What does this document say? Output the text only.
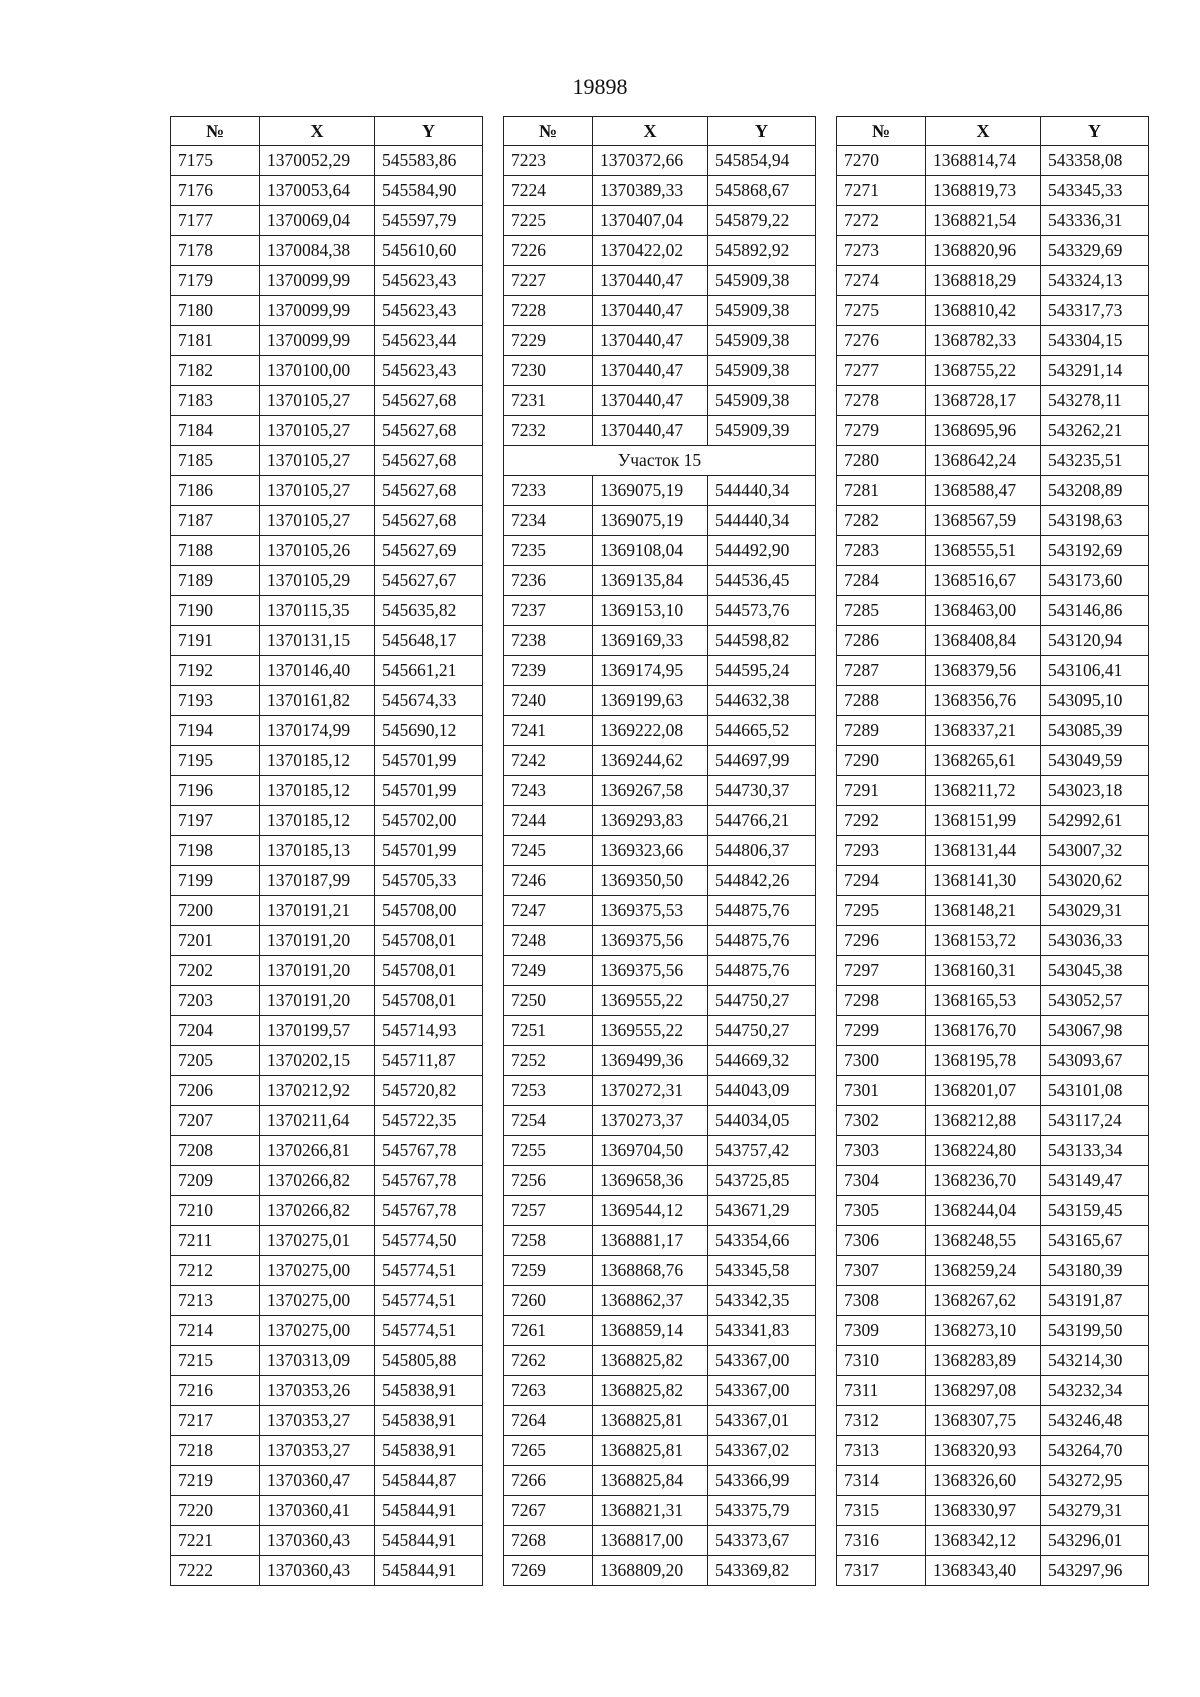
19898
№	X	Y
7175	1370052,29	545583,86
7176	1370053,64	545584,90
7177	1370069,04	545597,79
7178	1370084,38	545610,60
7179	1370099,99	545623,43
7180	1370099,99	545623,43
7181	1370099,99	545623,44
7182	1370100,00	545623,43
7183	1370105,27	545627,68
7184	1370105,27	545627,68
7185	1370105,27	545627,68
7186	1370105,27	545627,68
7187	1370105,27	545627,68
7188	1370105,26	545627,69
7189	1370105,29	545627,67
7190	1370115,35	545635,82
7191	1370131,15	545648,17
7192	1370146,40	545661,21
7193	1370161,82	545674,33
7194	1370174,99	545690,12
7195	1370185,12	545701,99
7196	1370185,12	545701,99
7197	1370185,12	545702,00
7198	1370185,13	545701,99
7199	1370187,99	545705,33
7200	1370191,21	545708,00
7201	1370191,20	545708,01
7202	1370191,20	545708,01
7203	1370191,20	545708,01
7204	1370199,57	545714,93
7205	1370202,15	545711,87
7206	1370212,92	545720,82
7207	1370211,64	545722,35
7208	1370266,81	545767,78
7209	1370266,82	545767,78
7210	1370266,82	545767,78
7211	1370275,01	545774,50
7212	1370275,00	545774,51
7213	1370275,00	545774,51
7214	1370275,00	545774,51
7215	1370313,09	545805,88
7216	1370353,26	545838,91
7217	1370353,27	545838,91
7218	1370353,27	545838,91
7219	1370360,47	545844,87
7220	1370360,41	545844,91
7221	1370360,43	545844,91
7222	1370360,43	545844,91
№	X	Y
7223	1370372,66	545854,94
7224	1370389,33	545868,67
7225	1370407,04	545879,22
7226	1370422,02	545892,92
7227	1370440,47	545909,38
7228	1370440,47	545909,38
7229	1370440,47	545909,38
7230	1370440,47	545909,38
7231	1370440,47	545909,38
7232	1370440,47	545909,39
Участок 15		
7233	1369075,19	544440,34
7234	1369075,19	544440,34
7235	1369108,04	544492,90
7236	1369135,84	544536,45
7237	1369153,10	544573,76
7238	1369169,33	544598,82
7239	1369174,95	544595,24
7240	1369199,63	544632,38
7241	1369222,08	544665,52
7242	1369244,62	544697,99
7243	1369267,58	544730,37
7244	1369293,83	544766,21
7245	1369323,66	544806,37
7246	1369350,50	544842,26
7247	1369375,53	544875,76
7248	1369375,56	544875,76
7249	1369375,56	544875,76
7250	1369555,22	544750,27
7251	1369555,22	544750,27
7252	1369499,36	544669,32
7253	1370272,31	544043,09
7254	1370273,37	544034,05
7255	1369704,50	543757,42
7256	1369658,36	543725,85
7257	1369544,12	543671,29
7258	1368881,17	543354,66
7259	1368868,76	543345,58
7260	1368862,37	543342,35
7261	1368859,14	543341,83
7262	1368825,82	543367,00
7263	1368825,82	543367,00
7264	1368825,81	543367,01
7265	1368825,81	543367,02
7266	1368825,84	543366,99
7267	1368821,31	543375,79
7268	1368817,00	543373,67
7269	1368809,20	543369,82
№	X	Y
7270	1368814,74	543358,08
7271	1368819,73	543345,33
7272	1368821,54	543336,31
7273	1368820,96	543329,69
7274	1368818,29	543324,13
7275	1368810,42	543317,73
7276	1368782,33	543304,15
7277	1368755,22	543291,14
7278	1368728,17	543278,11
7279	1368695,96	543262,21
7280	1368642,24	543235,51
7281	1368588,47	543208,89
7282	1368567,59	543198,63
7283	1368555,51	543192,69
7284	1368516,67	543173,60
7285	1368463,00	543146,86
7286	1368408,84	543120,94
7287	1368379,56	543106,41
7288	1368356,76	543095,10
7289	1368337,21	543085,39
7290	1368265,61	543049,59
7291	1368211,72	543023,18
7292	1368151,99	542992,61
7293	1368131,44	543007,32
7294	1368141,30	543020,62
7295	1368148,21	543029,31
7296	1368153,72	543036,33
7297	1368160,31	543045,38
7298	1368165,53	543052,57
7299	1368176,70	543067,98
7300	1368195,78	543093,67
7301	1368201,07	543101,08
7302	1368212,88	543117,24
7303	1368224,80	543133,34
7304	1368236,70	543149,47
7305	1368244,04	543159,45
7306	1368248,55	543165,67
7307	1368259,24	543180,39
7308	1368267,62	543191,87
7309	1368273,10	543199,50
7310	1368283,89	543214,30
7311	1368297,08	543232,34
7312	1368307,75	543246,48
7313	1368320,93	543264,70
7314	1368326,60	543272,95
7315	1368330,97	543279,31
7316	1368342,12	543296,01
7317	1368343,40	543297,96
